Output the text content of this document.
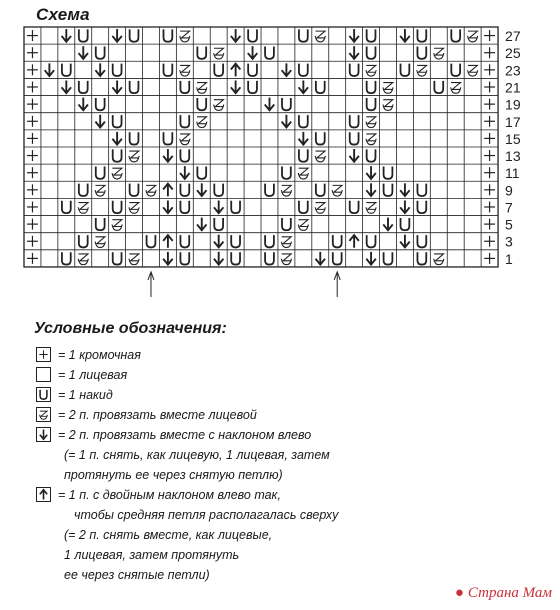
Схема
27
25
23
21
19
17
15
13
11
9
7
5
3
1
Условные обозначения:
= 1 кромочная
= 1 лицевая
= 1 накид
= 2 п. провязать вместе лицевой
= 2 п. провязать вместе с наклоном влево
(= 1 п. снять, как лицевую, 1 лицевая, затем
протянуть ее через снятую петлю)
= 1 п. с двойным наклоном влево так,
чтобы средняя петля располагалась сверху
(= 2 п. снять вместе, как лицевые,
1 лицевая, затем протянуть
ее через снятые петли)
● Страна Мам
